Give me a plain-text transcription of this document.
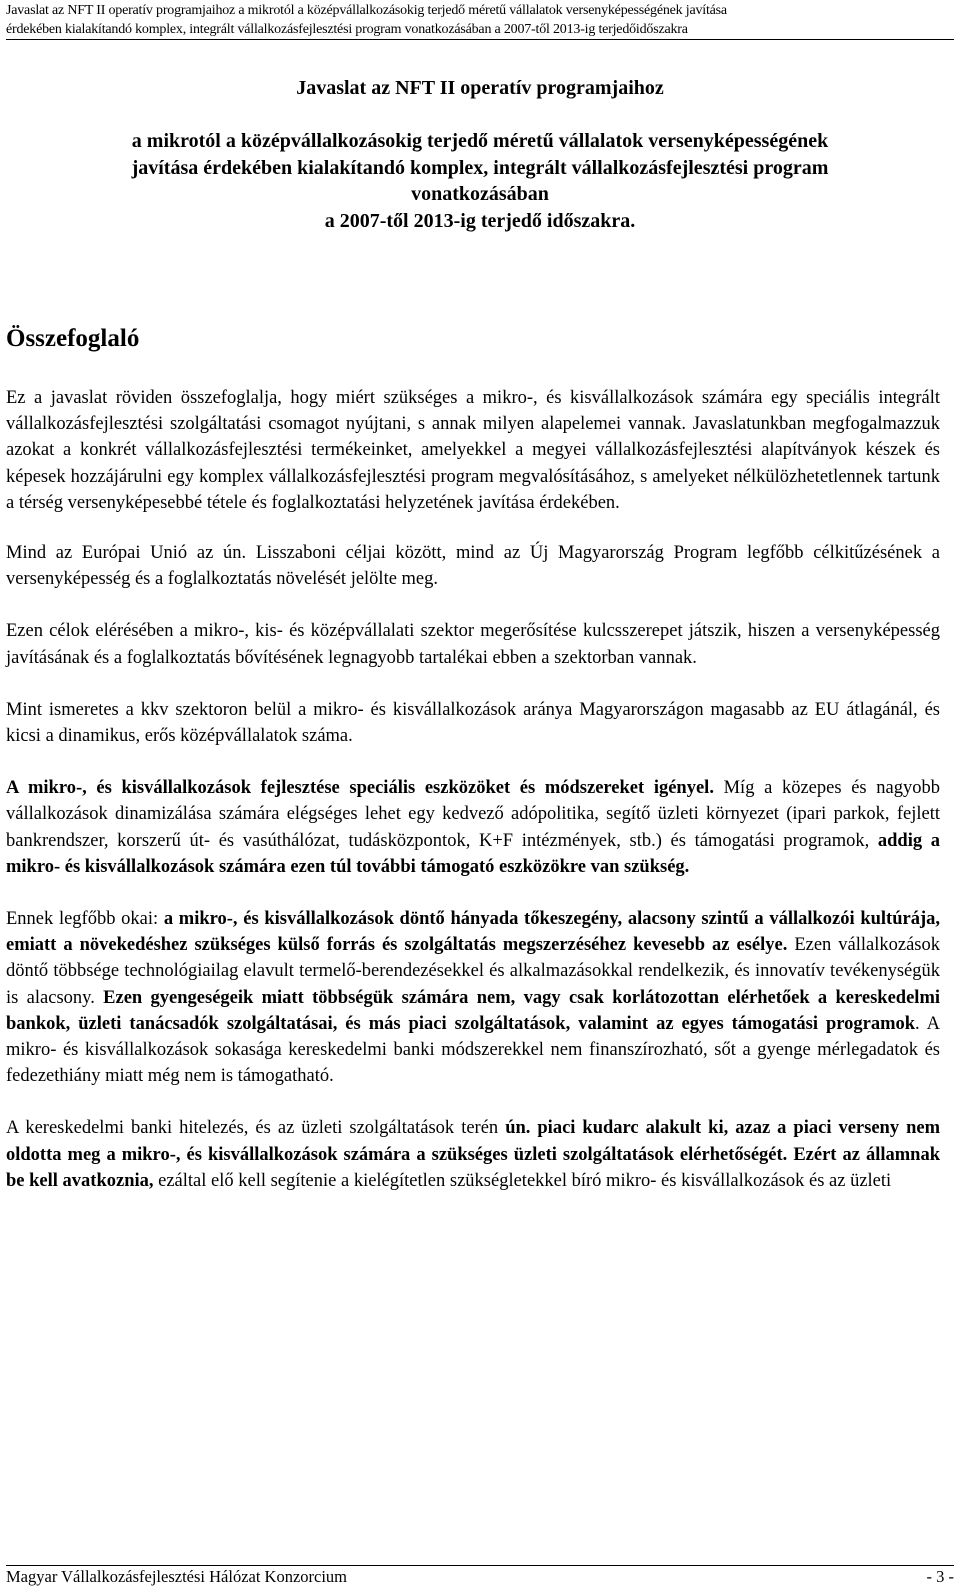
Javaslat az NFT II operatív programjaihoz a mikrotól a középvállalkozásokig terjedő méretű vállalatok versenyképességének javítása
érdekében kialakítandó komplex, integrált vállalkozásfejlesztési program vonatkozásában a 2007-től 2013-ig terjedőidőszakra
Javaslat az NFT II operatív programjaihoz
a mikrotól a középvállalkozásokig terjedő méretű vállalatok versenyképességének
javítása érdekében kialakítandó komplex, integrált vállalkozásfejlesztési program
vonatkozásában
a 2007-től 2013-ig terjedő időszakra.
Összefoglaló

Ez a javaslat röviden összefoglalja, hogy miért szükséges a mikro-, és kisvállalkozások számára egy speciális integrált vállalkozásfejlesztési szolgáltatási csomagot nyújtani, s annak milyen alapelemei vannak. Javaslatunkban megfogalmazzuk azokat a konkrét vállalkozásfejlesztési termékeinket, amelyekkel a megyei vállalkozásfejlesztési alapítványok készek és képesek hozzájárulni egy komplex vállalkozásfejlesztési program megvalósításához, s amelyeket nélkülözhetetlennek tartunk a térség versenyképesebbé tétele és foglalkoztatási helyzetének javítása érdekében.

Mind az Európai Unió az ún. Lisszaboni céljai között, mind az Új Magyarország Program legfőbb célkitűzésének a versenyképesség és a foglalkoztatás növelését jelölte meg.

Ezen célok elérésében a mikro-, kis- és középvállalati szektor megerősítése kulcsszerepet játszik, hiszen a versenyképesség javításának és a foglalkoztatás bővítésének legnagyobb tartalékai ebben a szektorban vannak.

Mint ismeretes a kkv szektoron belül a mikro- és kisvállalkozások aránya Magyarországon magasabb az EU átlagánál, és kicsi a dinamikus, erős középvállalatok száma.

A mikro-, és kisvállalkozások fejlesztése speciális eszközöket és módszereket igényel. Míg a közepes és nagyobb vállalkozások dinamizálása számára elégséges lehet egy kedvező adópolitika, segítő üzleti környezet (ipari parkok, fejlett bankrendszer, korszerű út- és vasúthálózat, tudásközpontok, K+F intézmények, stb.) és támogatási programok, addig a mikro- és kisvállalkozások számára ezen túl további támogató eszközökre van szükség.

Ennek legfőbb okai: a mikro-, és kisvállalkozások döntő hányada tőkeszegény, alacsony szintű a vállalkozói kultúrája, emiatt a növekedéshez szükséges külső forrás és szolgáltatás megszerzéséhez kevesebb az esélye. Ezen vállalkozások döntő többsége technológiailag elavult termelő-berendezésekkel és alkalmazásokkal rendelkezik, és innovatív tevékenységük is alacsony. Ezen gyengeségeik miatt többségük számára nem, vagy csak korlátozottan elérhetőek a kereskedelmi bankok, üzleti tanácsadók szolgáltatásai, és más piaci szolgáltatások, valamint az egyes támogatási programok. A mikro- és kisvállalkozások sokasága kereskedelmi banki módszerekkel nem finanszírozható, sőt a gyenge mérlegadatok és fedezethiány miatt még nem is támogatható.

A kereskedelmi banki hitelezés, és az üzleti szolgáltatások terén ún. piaci kudarc alakult ki, azaz a piaci verseny nem oldotta meg a mikro-, és kisvállalkozások számára a szükséges üzleti szolgáltatások elérhetőségét. Ezért az államnak be kell avatkoznia, ezáltal elő kell segítenie a kielégítetlen szükségletekkel bíró mikro- és kisvállalkozások és az üzleti

Magyar Vállalkozásfejlesztési Hálózat Konzorcium	- 3 -
